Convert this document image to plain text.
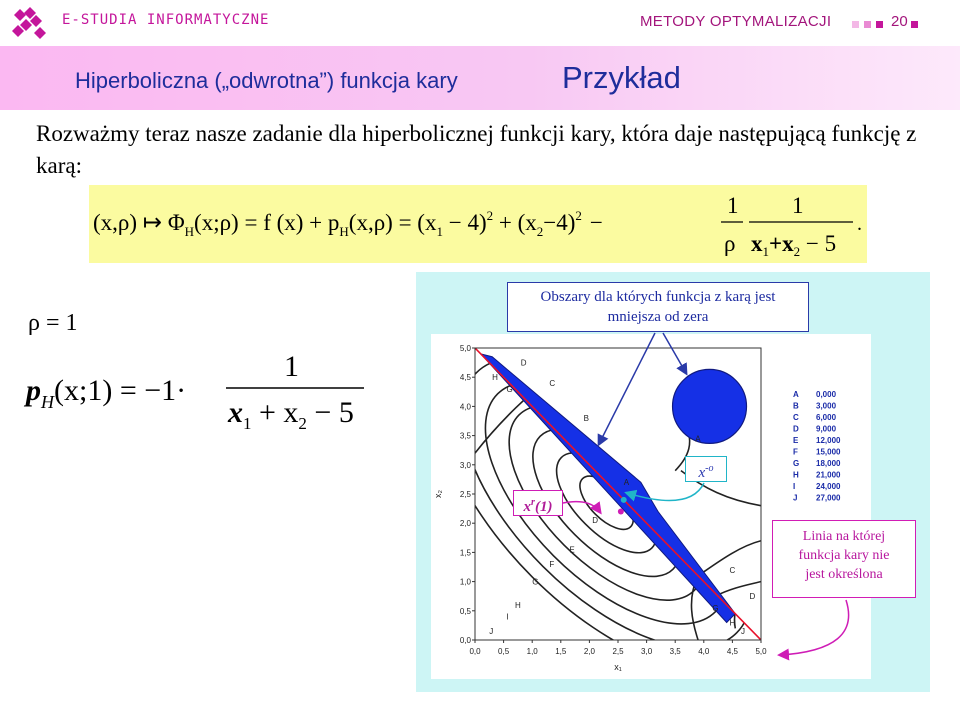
E-STUDIA INFORMATYCZNE	METODY OPTYMALIZACJI	20
Hiperboliczna („odwrotna”) funkcja kary	Przykład
Rozważmy teraz nasze zadanie dla hiperbolicznej funkcji kary, która daje następującą funkcję z karą:
(x,ρ) ↦ $\Phi_H(x;\rho) = f$ $(x) + p_H(x,\rho) = (x_1 - 4)^2 + (x_2-4)^2$ −
1
ρ
1
$x_1+x_2 - 5$
.
ρ = 1
$p_H(x;1) = -1\cdot$
1
$x_1 + x_2 - 5$	B
C
D
A
A
D
E
F
G
H
I
J
G
H
C
D
G
H
J
0,0 0,5 1,0 1,5 2,0 2,5 3,0 3,5 4,0 4,5 5,0
0,0
0,5
1,0
1,5
2,0
2,5
3,0
3,5
4,0
4,5
5,0
x₁
x₂
A 0,000
B 3,000
C 6,000
D 9,000
E 12,000
F 15,000
G 18,000
H 21,000
I	24,000
J 27,000
Obszary dla których funkcja z karą jest
mniejsza od zera
Linia na której
funkcja kary nie
jest określona
$x^{-o}$
$x^r(1)$
